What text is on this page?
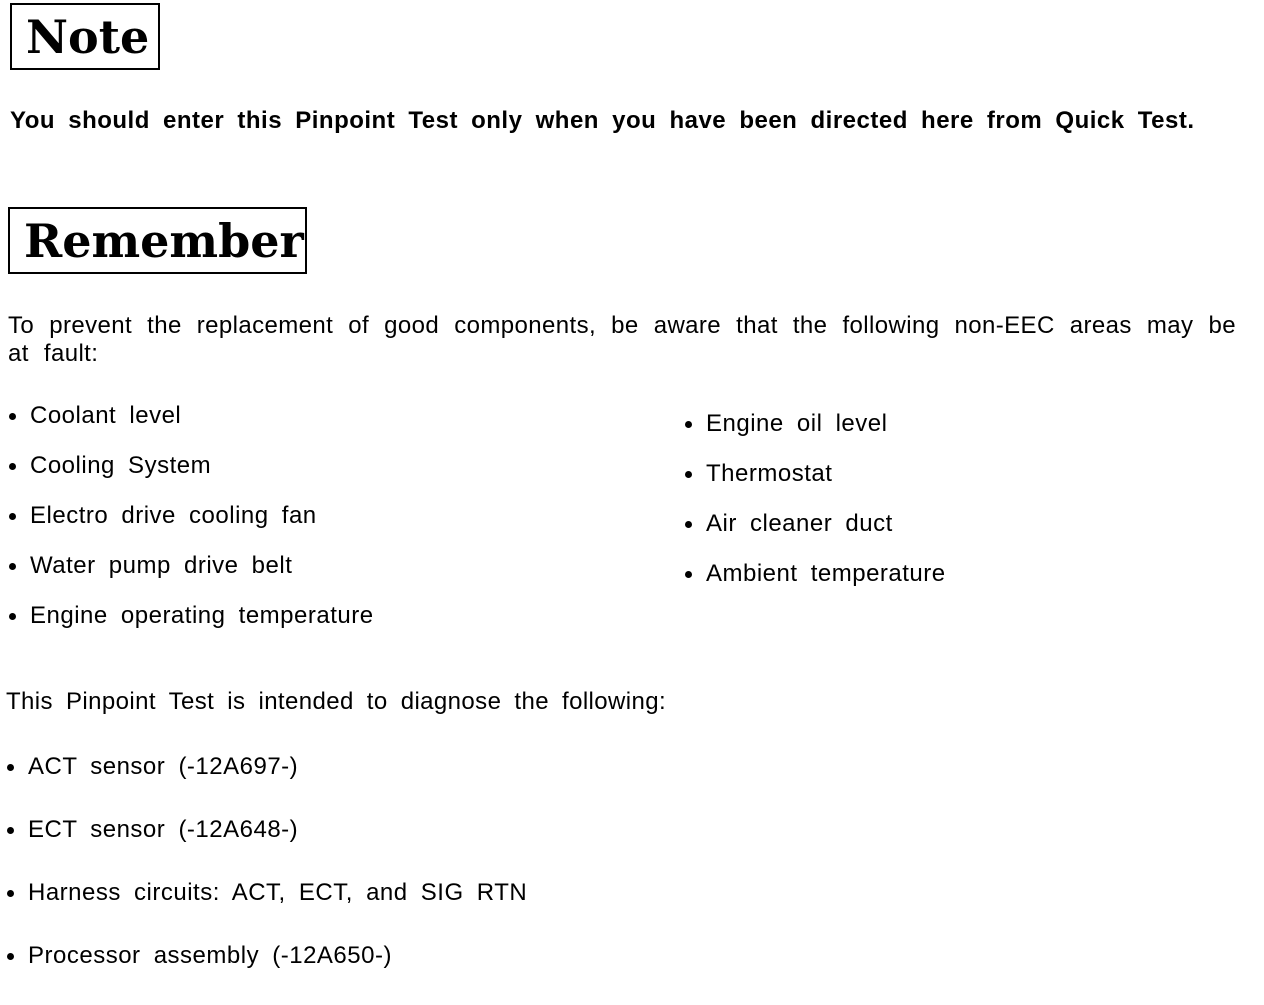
Note

You should enter this Pinpoint Test only when you have been directed here from Quick Test.

Remember

To prevent the replacement of good components, be aware that the following non-EEC areas may be at fault:

Coolant level
Cooling System
Electro drive cooling fan
Water pump drive belt
Engine operating temperature
Engine oil level
Thermostat
Air cleaner duct
Ambient temperature

This Pinpoint Test is intended to diagnose the following:

ACT sensor (-12A697-)
ECT sensor (-12A648-)
Harness circuits: ACT, ECT, and SIG RTN
Processor assembly (-12A650-)
